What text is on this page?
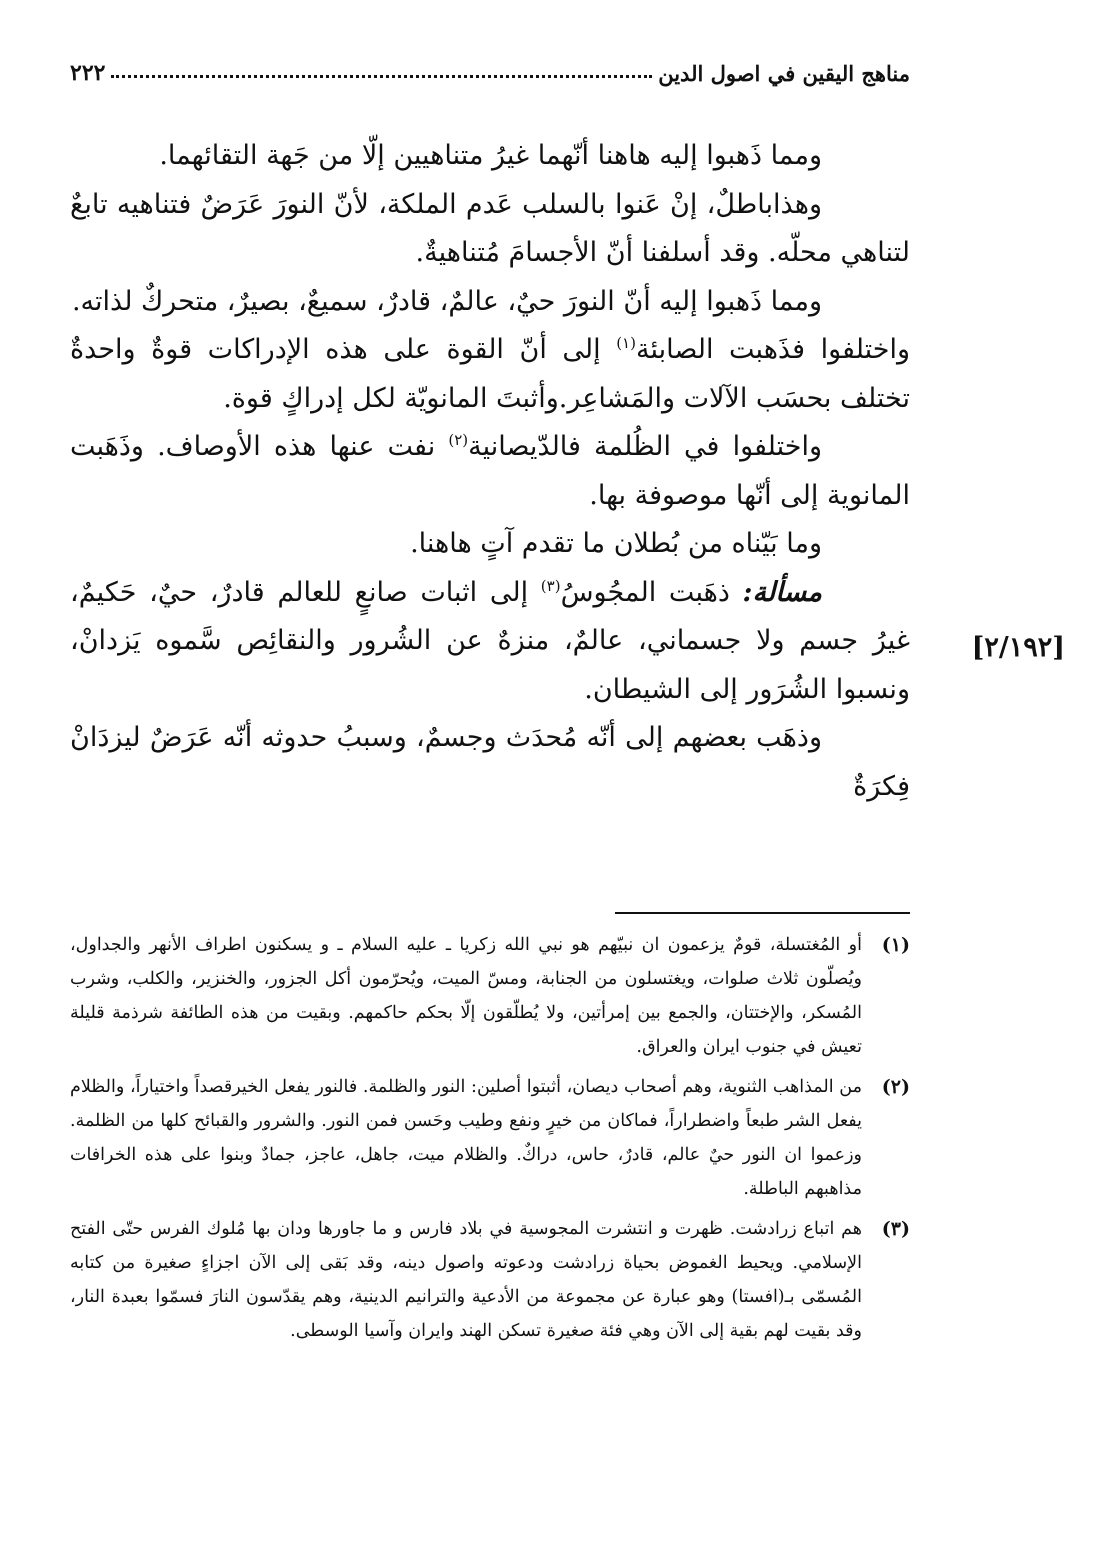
مناهج اليقين في اصول الدين
٢٢٢
[٢/١٩٢]

ومما ذَهبوا إليه هاهنا أنّهما غيرُ متناهيين إلّا من جَهة التقائهما.

وهذاباطلٌ، إنْ عَنوا بالسلب عَدم الملكة، لأنّ النورَ عَرَضٌ فتناهيه تابعٌ لتناهي محلّه. وقد أسلفنا أنّ الأجسامَ مُتناهيةٌ.

ومما ذَهبوا إليه أنّ النورَ حيٌ، عالمٌ، قادرٌ، سميعٌ، بصيرٌ، متحركٌ لذاته.

واختلفوا فذَهبت الصابئة$^{(١)}$ إلى أنّ القوة على هذه الإدراكات قوةٌ واحدةٌ تختلف بحسَب الآلات والمَشاعِر.وأثبتَ المانويّة لكل إدراكٍ قوة.

واختلفوا في الظُلمة فالدّيصانية$^{(٢)}$ نفت عنها هذه الأوصاف. وذَهَبت المانوية إلى أنّها موصوفة بها.

وما بَيّناه من بُطلان ما تقدم آتٍ هاهنا.

مسألة: ذهَبت المجُوسُ$^{(٣)}$ إلى اثبات صانعٍ للعالم قادرٌ، حيٌ، حَكيمٌ، غيرُ جسم ولا جسماني، عالمٌ، منزهٌ عن الشُرور والنقائِص سَّموه يَزدانْ، ونسبوا الشُرَور إلى الشيطان.

وذهَب بعضهم إلى أنّه مُحدَث وجسمٌ، وسببُ حدوثه أنّه عَرَضٌ ليزدَانْ فِكرَةٌ

(١)
أو المُغتسلة، قومٌ يزعمون ان نبيّهم هو نبي الله زكريا ـ عليه السلام ـ و يسكنون اطراف الأنهر والجداول، ويُصلّون ثلاث صلوات، ويغتسلون من الجنابة، ومسّ الميت، ويُحرّمون أكل الجزور، والخنزير، والكلب، وشرب المُسكر، والإختتان، والجمع بين إمرأتين، ولا يُطلّقون إلّا بحكم حاكمهم. وبقيت من هذه الطائفة شرذمة قليلة تعيش في جنوب ايران والعراق.
(٢)
من المذاهب الثنوية، وهم أصحاب ديصان، أثبتوا أصلين: النور والظلمة. فالنور يفعل الخيرقصداً واختياراً، والظلام يفعل الشر طبعاً واضطراراً، فماكان من خيرٍ ونفع وطيب وحَسن فمن النور. والشرور والقبائح كلها من الظلمة. وزعموا ان النور حيٌ عالم، قادرٌ، حاس، دراكٌ. والظلام ميت، جاهل، عاجز، جمادٌ وبنوا على هذه الخرافات مذاهبهم الباطلة.
(٣)
هم اتباع زرادشت. ظهرت و انتشرت المجوسية في بلاد فارس و ما جاورها ودان بها مُلوك الفرس حتّى الفتح الإسلامي. ويحيط الغموض بحياة زرادشت ودعوته واصول دينه، وقد بَقى إلى الآن اجزاءٍ صغيرة من كتابه المُسمّى بـ(افستا) وهو عبارة عن مجموعة من الأدعية والترانيم الدينية، وهم يقدّسون النارَ فسمّوا بعبدة النار، وقد بقيت لهم بقية إلى الآن وهي فئة صغيرة تسكن الهند وايران وآسيا الوسطى.
